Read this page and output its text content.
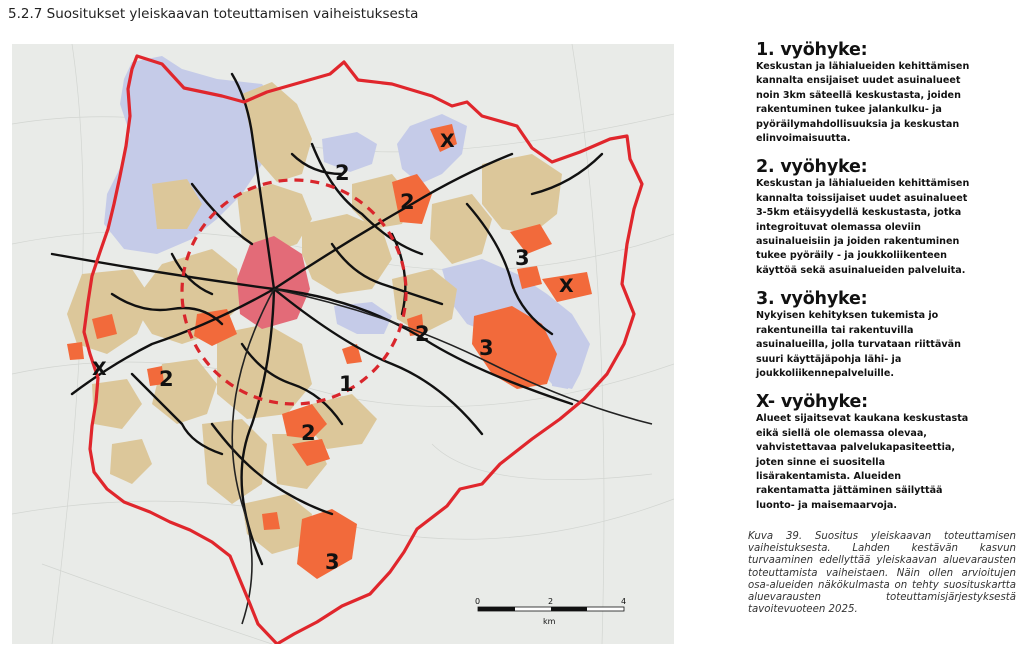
5.2.7 Suositukset yleiskaavan toteuttamisen vaiheistuksesta
1
2
2
2
2
2
3
3
3
X
X
X
0	2	4
km
1. vyöhyke:
Keskustan ja lähialueiden kehittämisen kannalta ensijaiset uudet asuinalueet noin 3km säteellä keskustasta, joiden rakentuminen tukee jalankulku- ja pyöräilymahdollisuuksia ja keskustan elinvoimaisuutta.
2. vyöhyke:
Keskustan ja lähialueiden kehittämisen kannalta toissijaiset uudet asuinalueet 3-5km etäisyydellä keskustasta, jotka integroituvat olemassa oleviin asuinalueisiin ja joiden rakentuminen tukee pyöräily - ja joukkoliikenteen käyttöä sekä asuinalueiden palveluita.
3. vyöhyke:
Nykyisen kehityksen tukemista jo rakentuneilla tai rakentuvilla asuinalueilla, jolla turvataan riittävän suuri käyttäjäpohja lähi- ja joukkoliikennepalveluille.
X- vyöhyke:
Alueet sijaitsevat kaukana keskustasta eikä siellä ole olemassa olevaa, vahvistettavaa palvelukapasiteettia, joten sinne ei suositella lisärakentamista. Alueiden rakentamatta jättäminen säilyttää luonto- ja maisemaarvoja.
Kuva 39. Suositus yleiskaavan toteuttamisen vaiheistuksesta. Lahden kestävän kasvun turvaaminen edellyttää yleiskaavan aluevarausten toteuttamista vaiheistaen. Näin ollen arvioitujen osa-alueiden näkökulmasta on tehty suosituskartta aluevarausten toteuttamisjärjestyksestä tavoitevuoteen 2025.
